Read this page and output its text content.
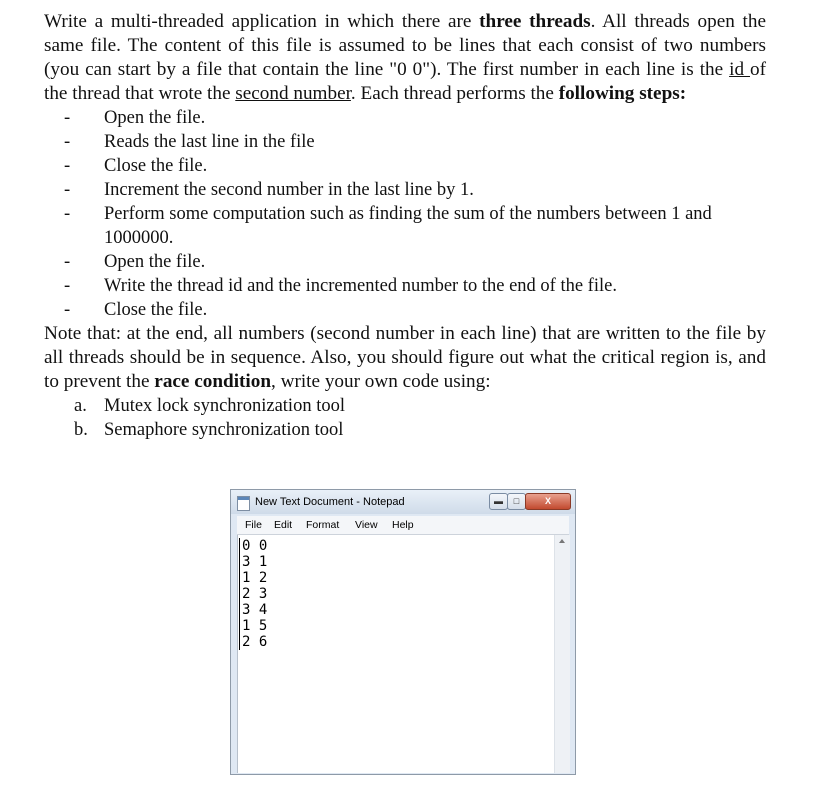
Write a multi-threaded application in which there are three threads. All threads open the same file. The content of this file is assumed to be lines that each consist of two numbers (you can start by a file that contain the line "0 0"). The first number in each line is the id of the thread that wrote the second number. Each thread performs the following steps:

- Open the file.
- Reads the last line in the file
- Close the file.
- Increment the second number in the last line by 1.
- Perform some computation such as finding the sum of the numbers between 1 and 1000000.
- Open the file.
- Write the thread id and the incremented number to the end of the file.
- Close the file.

Note that: at the end, all numbers (second number in each line) that are written to the file by all threads should be in sequence. Also, you should figure out what the critical region is, and to prevent the race condition, write your own code using:

a. Mutex lock synchronization tool
b. Semaphore synchronization tool
New Text Document - Notepad	▬	□	X
File Edit Format View Help
0 0
3 1
1 2
2 3
3 4
1 5
2 6
